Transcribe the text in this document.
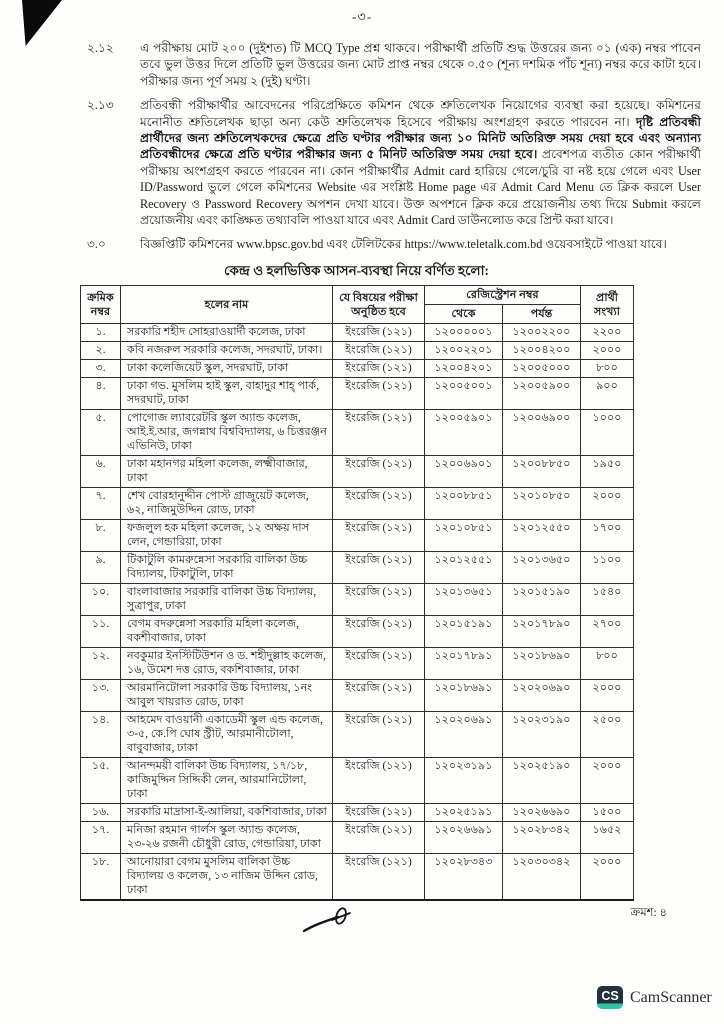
-৩-
২.১২	এ পরীক্ষায় মোট ২০০ (দুইশত) টি MCQ Type প্রশ্ন থাকবে। পরীক্ষার্থী প্রতিটি শুদ্ধ উত্তরের জন্য ০১ (এক) নম্বর পাবেন তবে ভুল উত্তর দিলে প্রতিটি ভুল উত্তরের জন্য মোট প্রাপ্ত নম্বর থেকে ০.৫০ (শূন্য দশমিক পাঁচ শূন্য) নম্বর করে কাটা হবে। পরীক্ষার জন্য পূর্ণ সময় ২ (দুই) ঘণ্টা।
২.১৩	প্রতিবন্ধী পরীক্ষার্থীর আবেদনের পরিপ্রেক্ষিতে কমিশন থেকে শ্রুতিলেখক নিয়োগের ব্যবস্থা করা হয়েছে। কমিশনের মনোনীত শ্রুতিলেখক ছাড়া অন্য কেউ শ্রুতিলেখক হিসেবে পরীক্ষায় অংশগ্রহণ করতে পারবেন না। দৃষ্টি প্রতিবন্ধী প্রার্থীদের জন্য শ্রুতিলেখকদের ক্ষেত্রে প্রতি ঘণ্টার পরীক্ষার জন্য ১০ মিনিট অতিরিক্ত সময় দেয়া হবে এবং অন্যান্য প্রতিবন্ধীদের ক্ষেত্রে প্রতি ঘণ্টার পরীক্ষার জন্য ৫ মিনিট অতিরিক্ত সময় দেয়া হবে। প্রবেশপত্র ব্যতীত কোন পরীক্ষার্থী পরীক্ষায় অংশগ্রহণ করতে পারবেন না। কোন পরীক্ষার্থীর Admit card হারিয়ে গেলে/চুরি বা নষ্ট হয়ে গেলে এবং User ID/Password ভুলে গেলে কমিশনের Website এর সংশ্লিষ্ট Home page এর Admit Card Menu তে ক্লিক করলে User Recovery ও Password Recovery অপশন দেখা যাবে। উক্ত অপশনে ক্লিক করে প্রয়োজনীয় তথ্য দিয়ে Submit করলে প্রয়োজনীয় এবং কাঙ্ক্ষিত তথ্যাবলি পাওয়া যাবে এবং Admit Card ডাউনলোড করে প্রিন্ট করা যাবে।
৩.০	বিজ্ঞপ্তিটি কমিশনের www.bpsc.gov.bd এবং টেলিটকের https://www.teletalk.com.bd ওয়েবসাইটে পাওয়া যাবে।
কেন্দ্র ও হলভিত্তিক আসন-ব্যবস্থা নিয়ে বর্ণিত হলো:
ক্রমিক নম্বর	হলের নাম	যে বিষয়ের পরীক্ষা অনুষ্ঠিত হবে	রেজিস্ট্রেশন নম্বর		প্রার্থী সংখ্যা
			থেকে	পর্যন্ত	
১.	সরকারি শহীদ সোহরাওয়ার্দী কলেজ, ঢাকা	ইংরেজি (১২১)	১২০০০০০১	১২০০২২০০	২২০০
২.	কবি নজরুল সরকারি কলেজ, সদরঘাট, ঢাকা।	ইংরেজি (১২১)	১২০০২২০১	১২০০৪২০০	২০০০
৩.	ঢাকা কলেজিয়েট স্কুল, সদরঘাট, ঢাকা	ইংরেজি (১২১)	১২০০৪২০১	১২০০৫০০০	৮০০
৪.	ঢাকা গভ. মুসলিম হাই স্কুল, বাহাদুর শাহ্ পার্ক, সদরঘাট, ঢাকা	ইংরেজি (১২১)	১২০০৫০০১	১২০০৫৯০০	৯০০
৫.	পোগোজ ল্যাবরেটরি স্কুল অ্যান্ড কলেজ, আই.ই.আর, জগন্নাথ বিশ্ববিদ্যালয়, ৬ চিত্তরঞ্জন এভিনিউ, ঢাকা	ইংরেজি (১২১)	১২০০৫৯০১	১২০০৬৯০০	১০০০
৬.	ঢাকা মহানগর মহিলা কলেজ, লক্ষ্মীবাজার, ঢাকা	ইংরেজি (১২১)	১২০০৬৯০১	১২০০৮৮৫০	১৯৫০
৭.	শেখ বোরহানুদ্দীন পোস্ট গ্রাজুয়েট কলেজ, ৬২, নাজিমুউদ্দিন রোড, ঢাকা	ইংরেজি (১২১)	১২০০৮৮৫১	১২০১০৮৫০	২০০০
৮.	ফজলুল হক মহিলা কলেজ, ১২ অক্ষয় দাস লেন, গেন্ডারিয়া, ঢাকা	ইংরেজি (১২১)	১২০১০৮৫১	১২০১২৫৫০	১৭০০
৯.	টিকাটুলি কামরুন্নেসা সরকারি বালিকা উচ্চ বিদ্যালয়, টিকাটুলি, ঢাকা	ইংরেজি (১২১)	১২০১২৫৫১	১২০১৩৬৫০	১১০০
১০.	বাংলাবাজার সরকারি বালিকা উচ্চ বিদ্যালয়, সুত্রাপুর, ঢাকা	ইংরেজি (১২১)	১২০১৩৬৫১	১২০১৫১৯০	১৫৪০
১১.	বেগম বদরুন্নেসা সরকারি মহিলা কলেজ, বকশীবাজার, ঢাকা	ইংরেজি (১২১)	১২০১৫১৯১	১২০১৭৮৯০	২৭০০
১২.	নবকুমার ইনস্টিটিউশন ও ড. শহীদুল্লাহ কলেজ, ১৬, উমেশ দত্ত রোড, বকশিবাজার, ঢাকা	ইংরেজি (১২১)	১২০১৭৮৯১	১২০১৮৬৯০	৮০০
১৩.	আরমানিটোলা সরকারি উচ্চ বিদ্যালয়, ১নং আবুল খায়রাত রোড, ঢাকা	ইংরেজি (১২১)	১২০১৮৬৯১	১২০২০৬৯০	২০০০
১৪.	আহমেদ বাওয়ানী একাডেমী স্কুল এন্ড কলেজ, ৩-৫, কে.পি ঘোষ স্ট্রীট, আরমানীটোলা, বাবুবাজার, ঢাকা	ইংরেজি (১২১)	১২০২০৬৯১	১২০২৩১৯০	২৫০০
১৫.	আনন্দময়ী বালিকা উচ্চ বিদ্যালয়, ১৭/১৮, কাজিমুদ্দিন সিদ্দিকী লেন, আরমানিটোলা, ঢাকা	ইংরেজি (১২১)	১২০২৩১৯১	১২০২৫১৯০	২০০০
১৬.	সরকারি মাদ্রাসা-ই-আলিয়া, বকশিবাজার, ঢাকা	ইংরেজি (১২১)	১২০২৫১৯১	১২০২৬৬৯০	১৫০০
১৭.	মনিজা রহমান গার্লস স্কুল অ্যান্ড কলেজ, ২৩-২৬ রজনী চৌধুরী রোড, গেন্ডারিয়া, ঢাকা	ইংরেজি (১২১)	১২০২৬৬৯১	১২০২৮৩৪২	১৬৫২
১৮.	আনোয়ারা বেগম মুসলিম বালিকা উচ্চ বিদ্যালয় ও কলেজ, ১৩ নাজিম উদ্দিন রোড, ঢাকা	ইংরেজি (১২১)	১২০২৮৩৪৩	১২০৩০৩৪২	২০০০
ক্রমশ: ৪
CS CamScanner
